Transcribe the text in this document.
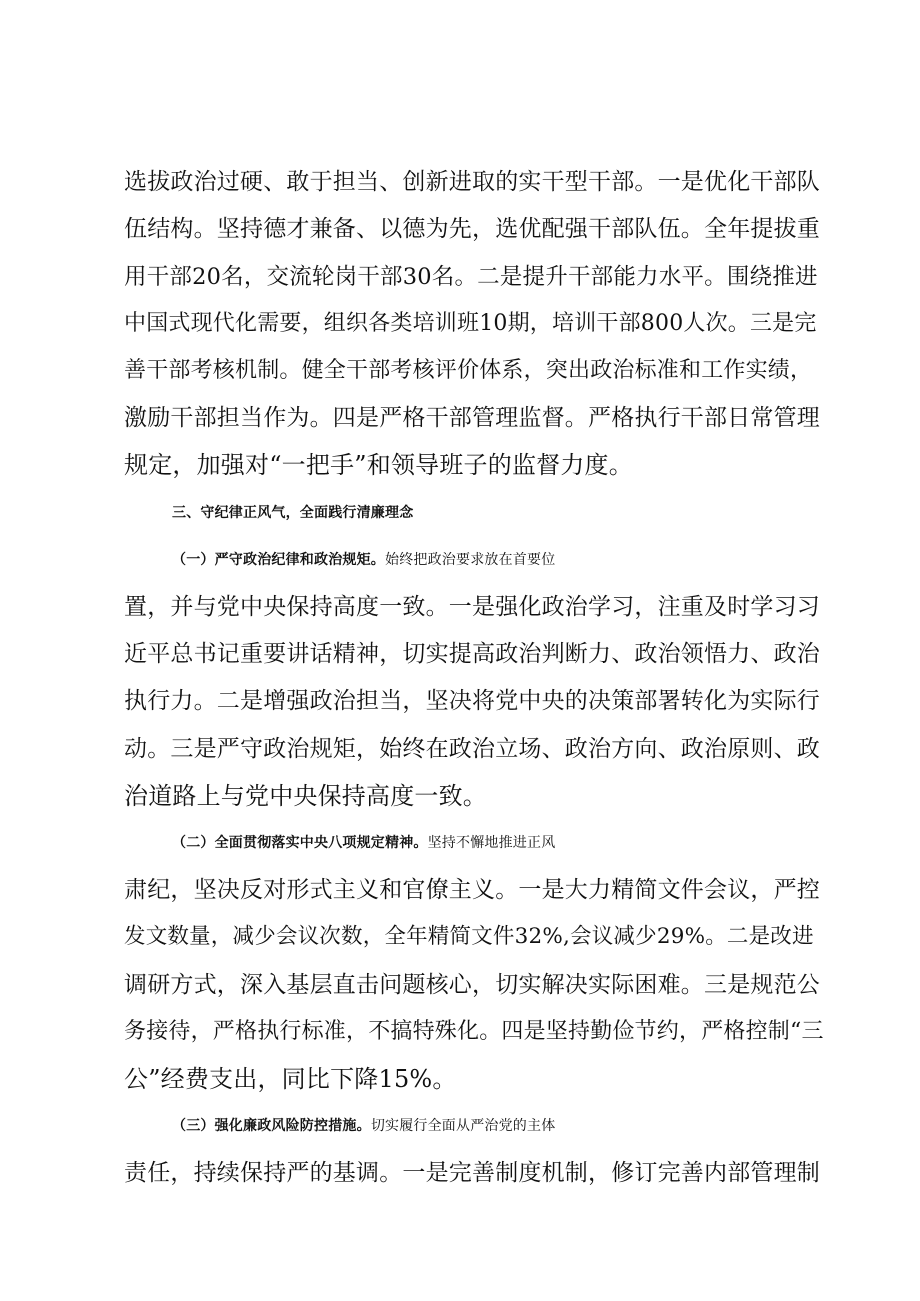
选拔政治过硬、敢于担当、创新进取的实干型干部。一是优化干部队
伍结构。坚持德才兼备、以德为先，选优配强干部队伍。全年提拔重
用干部20名，交流轮岗干部30名。二是提升干部能力水平。围绕推进
中国式现代化需要，组织各类培训班10期，培训干部800人次。三是完
善干部考核机制。健全干部考核评价体系，突出政治标准和工作实绩，
激励干部担当作为。四是严格干部管理监督。严格执行干部日常管理
规定，加强对“一把手”和领导班子的监督力度。
三、守纪律正风气，全面践行清廉理念
（一）严守政治纪律和政治规矩。始终把政治要求放在首要位
置，并与党中央保持高度一致。一是强化政治学习，注重及时学习习
近平总书记重要讲话精神，切实提高政治判断力、政治领悟力、政治
执行力。二是增强政治担当，坚决将党中央的决策部署转化为实际行
动。三是严守政治规矩，始终在政治立场、政治方向、政治原则、政
治道路上与党中央保持高度一致。
（二）全面贯彻落实中央八项规定精神。坚持不懈地推进正风
肃纪，坚决反对形式主义和官僚主义。一是大力精简文件会议，严控
发文数量，减少会议次数，全年精简文件32%,会议减少29%。二是改进
调研方式，深入基层直击问题核心，切实解决实际困难。三是规范公
务接待，严格执行标准，不搞特殊化。四是坚持勤俭节约，严格控制“三
公”经费支出，同比下降15%。
（三）强化廉政风险防控措施。切实履行全面从严治党的主体
责任，持续保持严的基调。一是完善制度机制，修订完善内部管理制
